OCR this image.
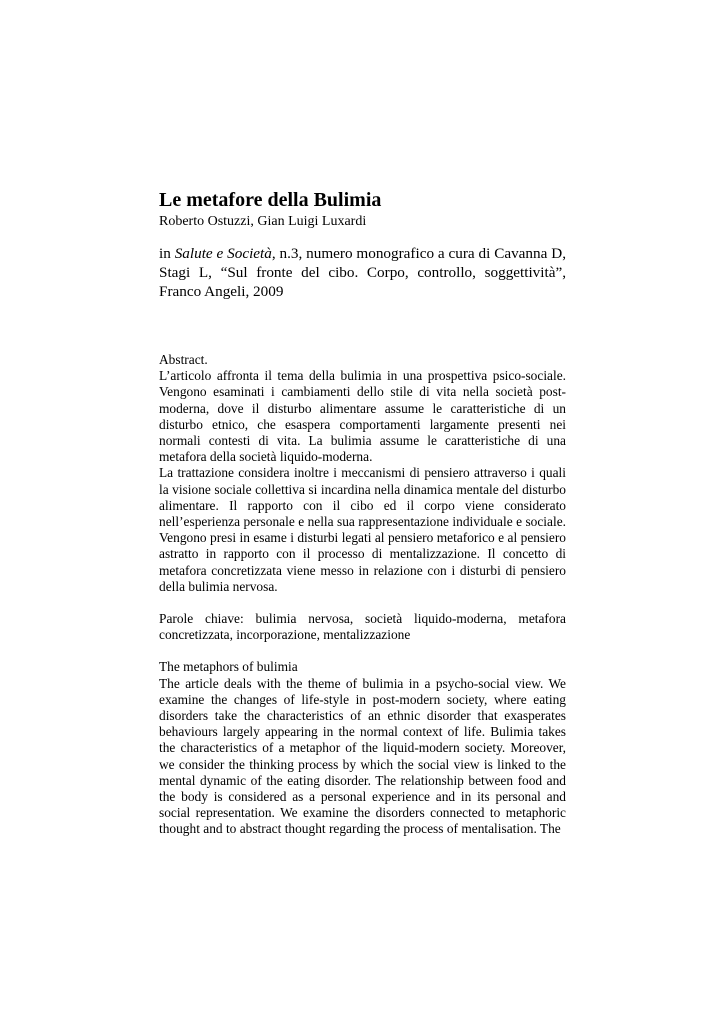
Le metafore della Bulimia

Roberto Ostuzzi, Gian Luigi Luxardi

in Salute e Società, n.3, numero monografico a cura di Cavanna D, Stagi L, “Sul fronte del cibo. Corpo, controllo, soggettività”, Franco Angeli, 2009

Abstract.

L’articolo affronta il tema della bulimia in una prospettiva psico-sociale. Vengono esaminati i cambiamenti dello stile di vita nella società post-moderna, dove il disturbo alimentare assume le caratteristiche di un disturbo etnico, che esaspera comportamenti largamente presenti nei normali contesti di vita. La bulimia assume le caratteristiche di una metafora della società liquido-moderna.

La trattazione considera inoltre i meccanismi di pensiero attraverso i quali la visione sociale collettiva si incardina nella dinamica mentale del disturbo alimentare. Il rapporto con il cibo ed il corpo viene considerato nell’esperienza personale e nella sua rappresentazione individuale e sociale. Vengono presi in esame i disturbi legati al pensiero metaforico e al pensiero astratto in rapporto con il processo di mentalizzazione. Il concetto di metafora concretizzata viene messo in relazione con i disturbi di pensiero della bulimia nervosa.

Parole chiave: bulimia nervosa, società liquido-moderna, metafora concretizzata, incorporazione, mentalizzazione

The metaphors of bulimia

The article deals with the theme of bulimia in a psycho-social view. We examine the changes of life-style in post-modern society, where eating disorders take the characteristics of an ethnic disorder that exasperates behaviours largely appearing in the normal context of life. Bulimia takes the characteristics of a metaphor of the liquid-modern society. Moreover, we consider the thinking process by which the social view is linked to the mental dynamic of the eating disorder. The relationship between food and the body is considered as a personal experience and in its personal and social representation. We examine the disorders connected to metaphoric thought and to abstract thought regarding the process of mentalisation. The
